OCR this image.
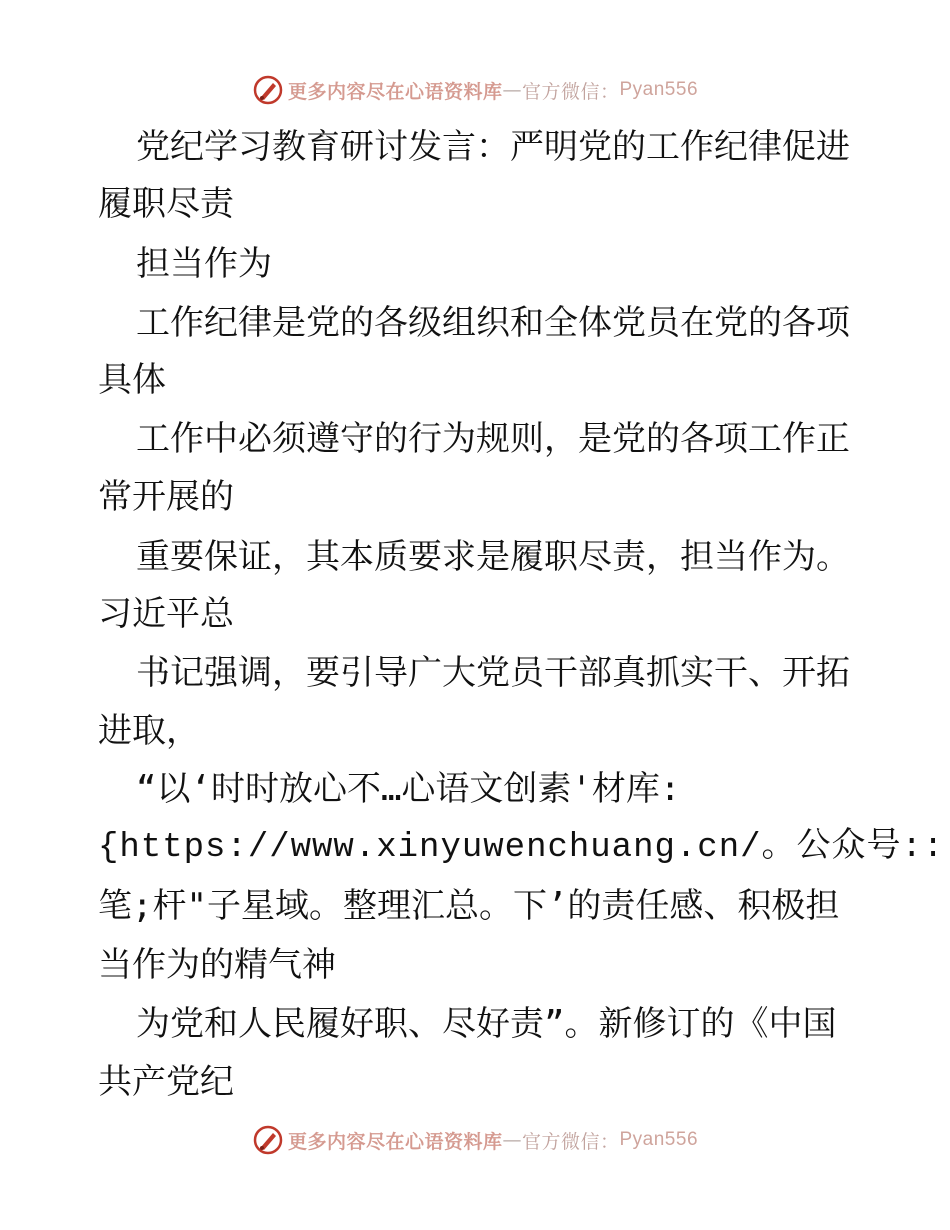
更多内容尽在心语资料库 — 官方微信： Pyan556
党纪学习教育研讨发言：严明党的工作纪律促进
履职尽责
担当作为
工作纪律是党的各级组织和全体党员在党的各项
具体
工作中必须遵守的行为规则，是党的各项工作正
常开展的
重要保证，其本质要求是履职尽责，担当作为。
习近平总
书记强调，要引导广大党员干部真抓实干、开拓
进取，
“以‘时时放心不…心语文创素'材库:
{https://www.xinyuwenchuang.cn/。公众号::
笔;杆"子星域。整理汇总。下’的责任感、积极担
当作为的精气神
为党和人民履好职、尽好责”。新修订的《中国
共产党纪
更多内容尽在心语资料库 — 官方微信： Pyan556
